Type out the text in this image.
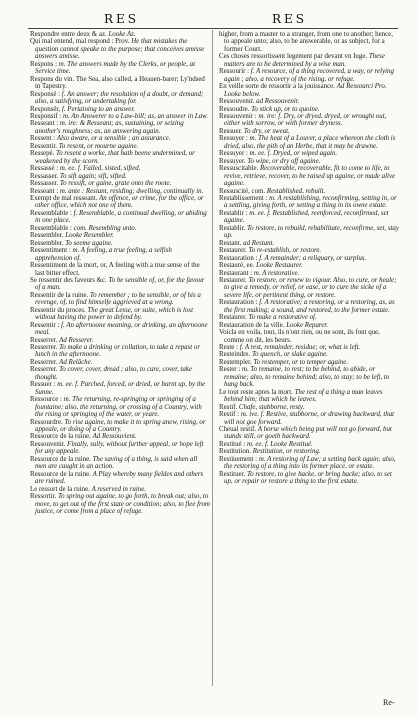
RES	RES

Respondre entre deux & az. Looke Az.

Qui mal entend, mal respond : Prov. He that mistakes the question cannot speake to the purpose; that conceives amisse answers amisse.

Respons : m. The answers made by the Clerks, or people, at Service time.

Respons du vin. The Sea, also called, a Heauen-barer; Ly'ndsed in Tapestry.

Responsé : f. An answer; the resolution of a doubt, or demand; also, a satisfying, or undertaking for.

Responsér, f. Pertaining to an answer.

Responsif : m. An Answerer to a Law-bill; as, an answer in Law.

Resseant : m. ire: & Resseant; as, sustaining, or seizing another's roughness; as, an answering again.

Ressent : Also aware, or a sensible ; an assurance.

Ressentir. To resent, or mourne againe.

Ressepé. To resent a worke, that hath beene undermined, or weakened by the scorn.

Ressassé : m. ee. f. Failed, sisted, sifted.

Ressasser. To sift again; sift, sifted.

Ressasser. To ressift, or gaine, grate onto the roote.

Resseant : m. ante : Resiant, residing; dwelling, continually in.

Exempt de mal resseant. An offence, or crime, for the office, or other office, which not one of them.

Ressemblable : f. Resemblable, a continual dwelling, or abiding in one place.

Ressemblable : com. Resembling unto.

Ressembler. Looke Resembler.

Ressembler. To seeme againe.

Ressentiment : m. A feeling, a true feeling, a selfish apprehension of.

Ressentiment de la mort, or, A feeling with a true sense of the last bitter effect.

Se ressentir des faveurs &c. To be sensible of, or, for the favour of a man.

Ressentir de la ruine. To remember ; to be sensible, or of his a revenge, of, to find himselfe aggrieved at a wrong.

Ressentir du proces. The great Lesse, or suite, which is lost without having the power to defend by.

Ressentir : f. An afternoone meaning, or drinking, an afternoone meal.

Resserrer. Ad Resserer.

Resserrer. To make a drinking or collation, to take a repast or lunch in the afternoone.

Resserrer. Ad Relâche.

Resserrer. To cover, cover, dread ; also, to care, cover, take thought.

Ressuer : m. ee. f. Parched, forced, or dried, or burnt up, by the Sunne.

Ressource : m. The returning, re-springing or springing of a fountaine; also, the returning, or crossing of a Country, with the rising or springing of the water, or yeare.

Ressourdre. To rise againe, to make it to spring anew, rising, or appeale, or doing of a Country.

Ressource de la ruine. Ad Ressouvient.

Ressouvenir. Finally, sully, without further appeal, or hope left for any appeale.

Ressource de la ruine. The saving of a thing, is said when all men are caught in an action.

Ressource de la ruine. A Play whereby many fieldes and others are ruined.

Le ressort de la ruine. A reserved in ruine.

Ressortir. To spring out againe, to go forth, to break out; also, to move, to get out of the first state or condition; also, to flee from justice, or come from a place of refuge.

higher, from a master to a stranger, from one to another; hence, to appeale unto; also, to be answerable, or as subject, for a former Court.

Ces choses ressortissent legement par devant vn Iuge. These matters are to be determined by a wise man.

Ressourir : f. A resource, of a thing recovered, a way, or relying again ; also, a recovery of the rising, or refuge.

En veille sorte de ressortir a la jouissance. Ad Ressourci Pro. Looke below.

Ressouvenir. ad Ressouvenir.

Ressoudre. To stick up, or to quoine.

Ressouvenir : m. ire: f. Dry, or dryed, dryed, or wrought out, either with sorrow, or with former dryness.

Ressuer. To dry, or sweat.

Ressuyer : m. The heat of a Louver, a place whereon the cloth is dried, also, the pith of an Herbe, that it may be drawne.

Ressuyer : m. ee. f. Dryed, or wiped again.

Ressuyer. To wipe, or dry off againe.

Ressuscitable. Recoverable, recoverable, fit to come to life, to revive, retrieve, recover, to be raised up againe, or made alive againe.

Ressuscité, com. Restablished, rebuilt.

Restablissement : m. A restablishing, reconfirming, setting in, or a settling, giving forth, or setting a thing in its owne estate.

Restablir : m. ee. f. Restablished, reenforced, reconfirmed, set againe.

Restablir. To restore, to rebuild, rehabilitate, reconfirme, set, stay up.

Restant. ad Restant.

Restaurer. To re-establish, or restore.

Restauration : f. A remainder; a reliquary, or surplus.

Restauré, ee. Looke Restaurer.

Restaurant : m. A restorative.

Restaurer. To restore, or renew to vigour. Also, to cure, or heale; to give a remedy, or relief, or ease, or to cure the sicke of a severe life, or pertinent thing, or restore.

Restauration : f. A restorative; a restoring, or a restoring, as, as the first making; a sound, and restored, to the former estate.

Restaurer. To make a restorative of.

Restauration de la ville. Looke Reparer.

Voicla en voila, tout, ils n'ont rien, ou ne sont, ils font que, comme on dit, les beurs.

Reste : f. A rest, remainder, residue; or, what is left.

Resteindre. To quench, or slake againe.

Restempler. To restemper, or to temper againe.

Rester : m. To remaine, to rest; to be behind, to abide, or remaine; also, to remaine behind; also, to stay; to be left, to hang back.

Le tout reste apres la mort. The rest of a thing a man leaves behind him; that which he leaves.

Restif. Chafe, stubborne, resty.

Restif : m. ive. f. Restive, stubborne, or drawing backward, that will not goe forward.

Cheual restif. A horse which being put will not go forward, but stands still, or goeth backward.

Restitué : m. ee. f. Looke Restitué.

Restitution. Restitution, or restoring.

Restiuement : m. A restoring of Law; a setting back again; also, the restoring of a thing into its former place, or estate.

Restituer. To restore, to give backe, or bring backe; also, to set up, or repair or restore a thing to the first estate.

Re-
